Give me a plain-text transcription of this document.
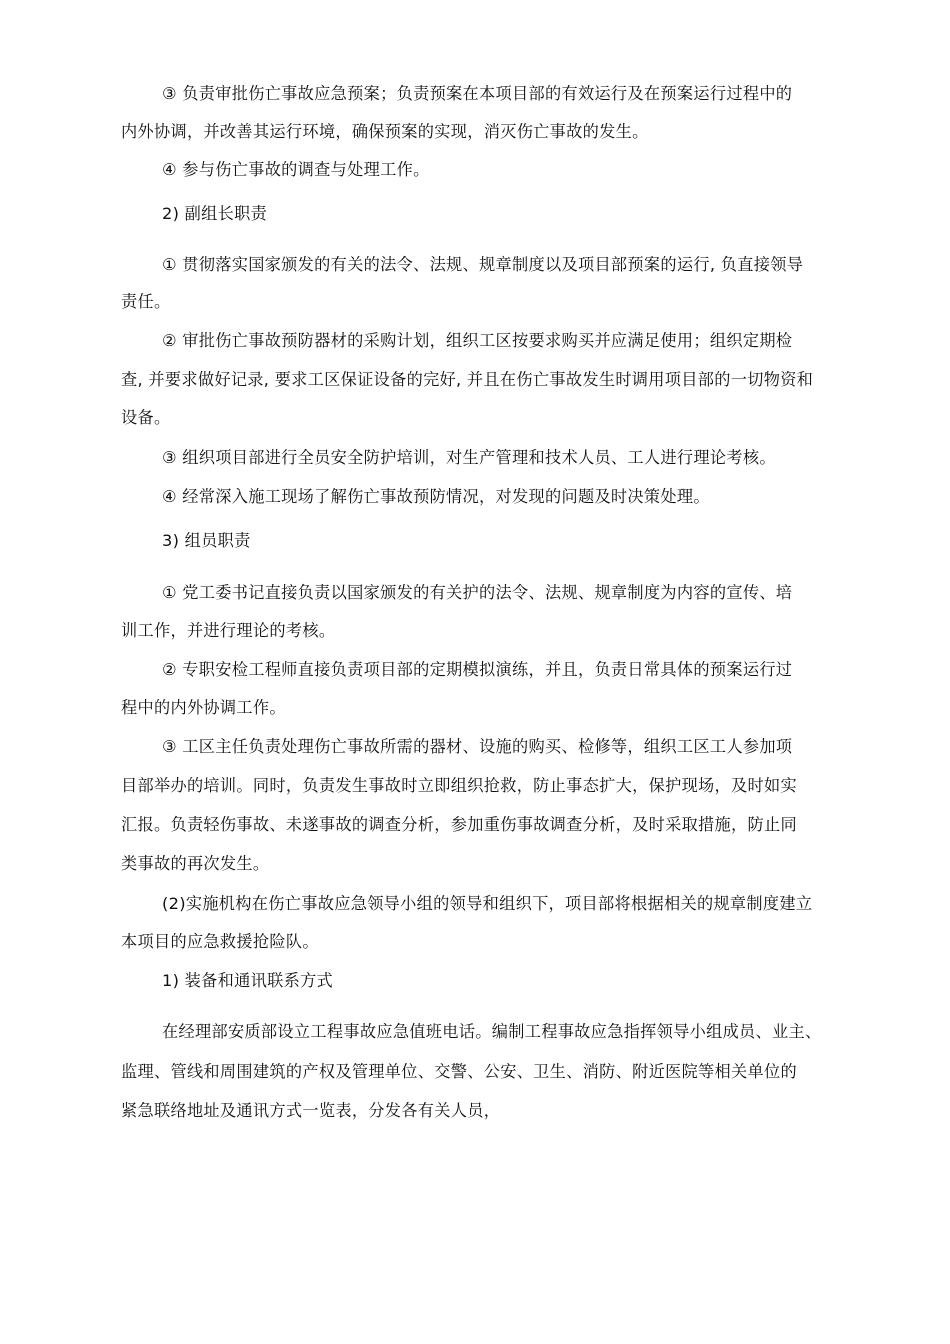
③ 负责审批伤亡事故应急预案；负责预案在本项目部的有效运行及在预案运行过程中的

内外协调，并改善其运行环境，确保预案的实现，消灭伤亡事故的发生。

④ 参与伤亡事故的调查与处理工作。

2) 副组长职责

① 贯彻落实国家颁发的有关的法令、法规、规章制度以及项目部预案的运行, 负直接领导

责任。

② 审批伤亡事故预防器材的采购计划，组织工区按要求购买并应满足使用；组织定期检

查, 并要求做好记录, 要求工区保证设备的完好, 并且在伤亡事故发生时调用项目部的一切物资和

设备。

③ 组织项目部进行全员安全防护培训，对生产管理和技术人员、工人进行理论考核。

④ 经常深入施工现场了解伤亡事故预防情况，对发现的问题及时决策处理。

3) 组员职责

① 党工委书记直接负责以国家颁发的有关护的法令、法规、规章制度为内容的宣传、培

训工作，并进行理论的考核。

② 专职安检工程师直接负责项目部的定期模拟演练，并且，负责日常具体的预案运行过

程中的内外协调工作。

③ 工区主任负责处理伤亡事故所需的器材、设施的购买、检修等，组织工区工人参加项

目部举办的培训。同时，负责发生事故时立即组织抢救，防止事态扩大，保护现场，及时如实

汇报。负责轻伤事故、未遂事故的调查分析，参加重伤事故调查分析，及时采取措施，防止同

类事故的再次发生。

(2)实施机构在伤亡事故应急领导小组的领导和组织下，项目部将根据相关的规章制度建立

本项目的应急救援抢险队。

1) 装备和通讯联系方式

在经理部安质部设立工程事故应急值班电话。编制工程事故应急指挥领导小组成员、业主、

监理、管线和周围建筑的产权及管理单位、交警、公安、卫生、消防、附近医院等相关单位的

紧急联络地址及通讯方式一览表，分发各有关人员，
